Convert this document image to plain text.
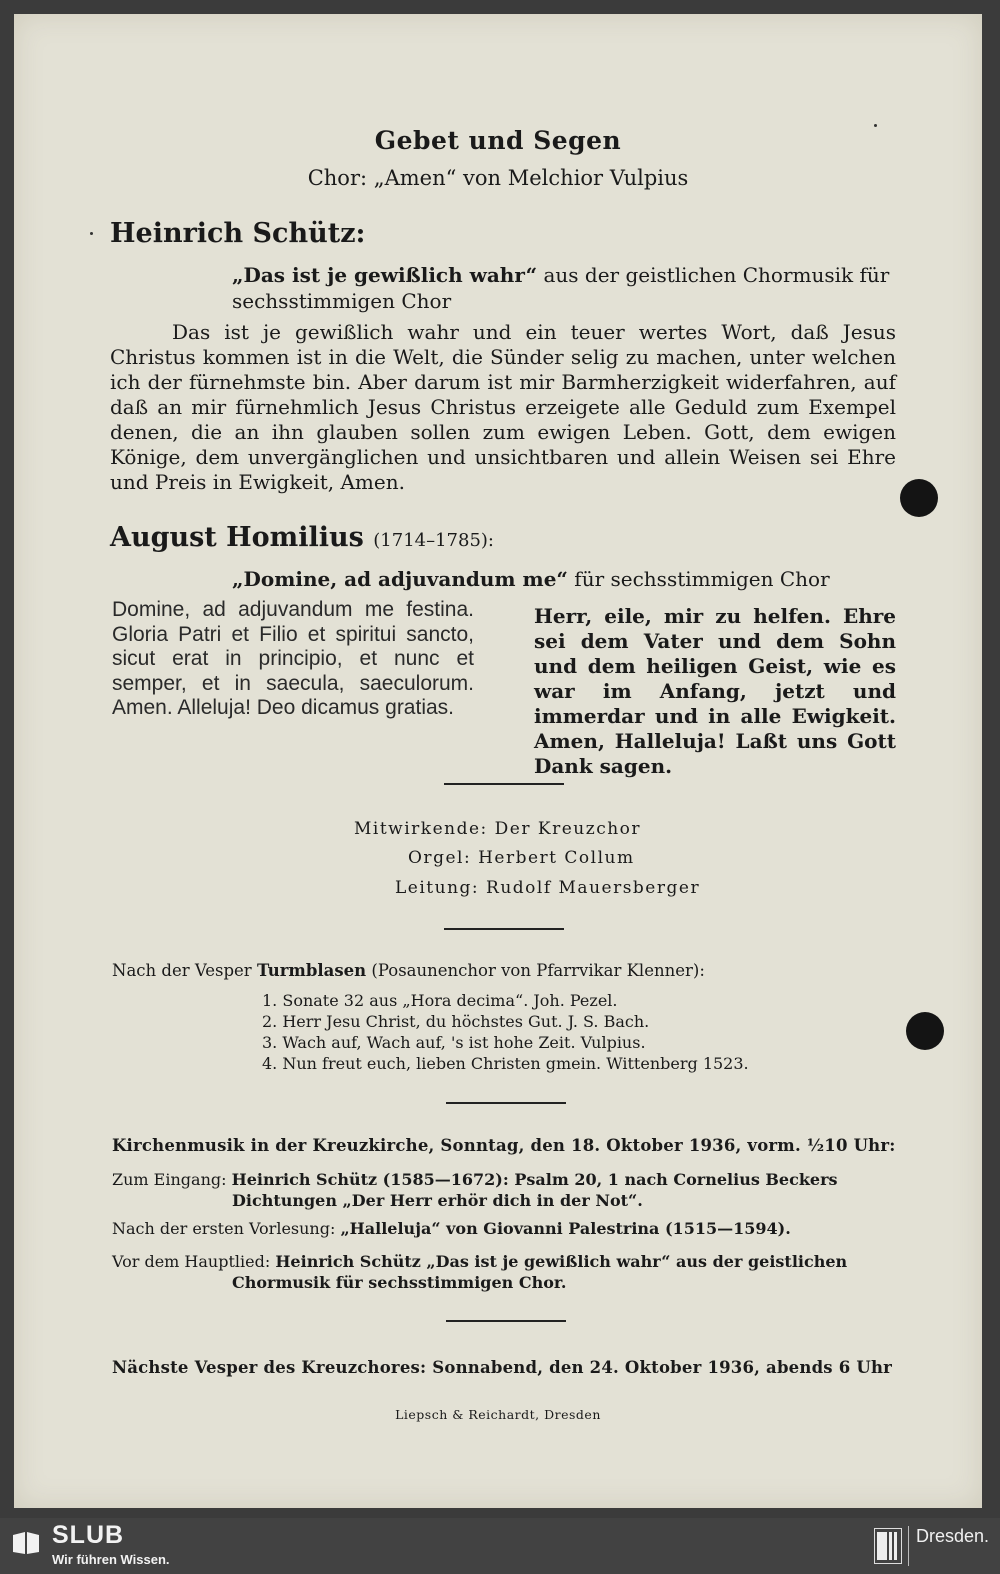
Gebet und Segen
Chor: „Amen“ von Melchior Vulpius
Heinrich Schütz:
„Das ist je gewißlich wahr“ aus der geistlichen Chormusik für sechsstimmigen Chor
Das ist je gewißlich wahr und ein teuer wertes Wort, daß Jesus Christus kommen ist in die Welt, die Sünder selig zu machen, unter welchen ich der fürnehmste bin. Aber darum ist mir Barmherzigkeit widerfahren, auf daß an mir fürnehmlich Jesus Christus erzeigete alle Geduld zum Exempel denen, die an ihn glauben sollen zum ewigen Leben. Gott, dem ewigen Könige, dem unvergänglichen und unsichtbaren und allein Weisen sei Ehre und Preis in Ewigkeit, Amen.
August Homilius (1714–1785):
„Domine, ad adjuvandum me“ für sechsstimmigen Chor
Domine, ad adjuvandum me festina. Gloria Patri et Filio et spiritui sancto, sicut erat in principio, et nunc et semper, et in saecula, saeculorum. Amen. Alleluja! Deo dicamus gratias.
Herr, eile, mir zu helfen. Ehre sei dem Vater und dem Sohn und dem heiligen Geist, wie es war im Anfang, jetzt und immerdar und in alle Ewigkeit. Amen, Halleluja! Laßt uns Gott Dank sagen.
Mitwirkende: Der Kreuzchor
Orgel: Herbert Collum
Leitung: Rudolf Mauersberger
Nach der Vesper Turmblasen (Posaunenchor von Pfarrvikar Klenner):
1. Sonate 32 aus „Hora decima“. Joh. Pezel.
2. Herr Jesu Christ, du höchstes Gut. J. S. Bach.
3. Wach auf, Wach auf, 's ist hohe Zeit. Vulpius.
4. Nun freut euch, lieben Christen gmein. Wittenberg 1523.
Kirchenmusik in der Kreuzkirche, Sonntag, den 18. Oktober 1936, vorm. ½10 Uhr:
Zum Eingang: Heinrich Schütz (1585—1672): Psalm 20, 1 nach Cornelius Beckers Dichtungen „Der Herr erhör dich in der Not“.
Nach der ersten Vorlesung: „Halleluja“ von Giovanni Palestrina (1515—1594).
Vor dem Hauptlied: Heinrich Schütz „Das ist je gewißlich wahr“ aus der geistlichen Chormusik für sechsstimmigen Chor.
Nächste Vesper des Kreuzchores: Sonnabend, den 24. Oktober 1936, abends 6 Uhr
Liepsch & Reichardt, Dresden
SLUB
Wir führen Wissen.
Dresden.
